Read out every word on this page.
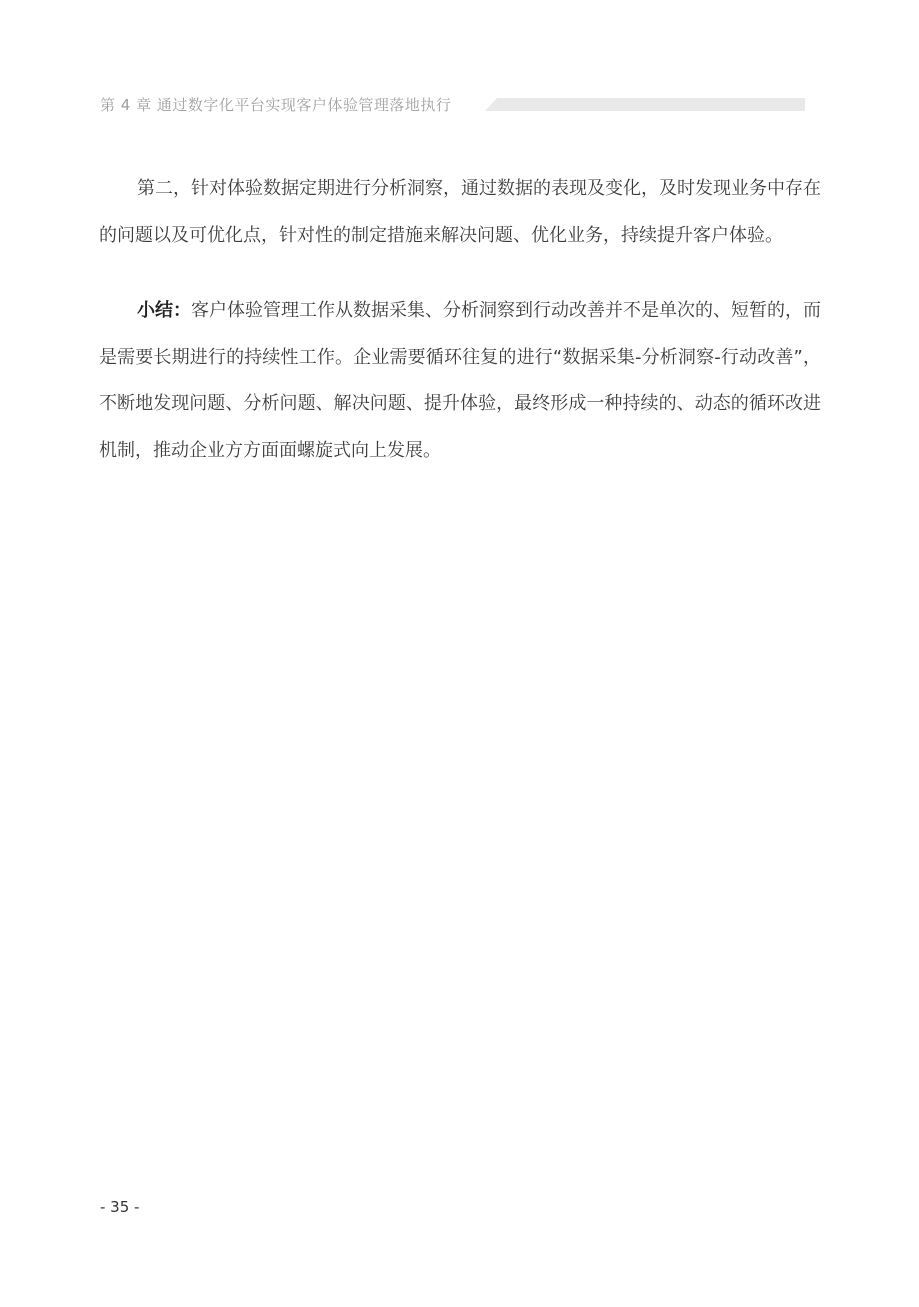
第 4 章 通过数字化平台实现客户体验管理落地执行

第二，针对体验数据定期进行分析洞察，通过数据的表现及变化，及时发现业务中存在的问题以及可优化点，针对性的制定措施来解决问题、优化业务，持续提升客户体验。

小结：客户体验管理工作从数据采集、分析洞察到行动改善并不是单次的、短暂的，而是需要长期进行的持续性工作。企业需要循环往复的进行“数据采集-分析洞察-行动改善”，不断地发现问题、分析问题、解决问题、提升体验，最终形成一种持续的、动态的循环改进机制，推动企业方方面面螺旋式向上发展。

- 35 -
